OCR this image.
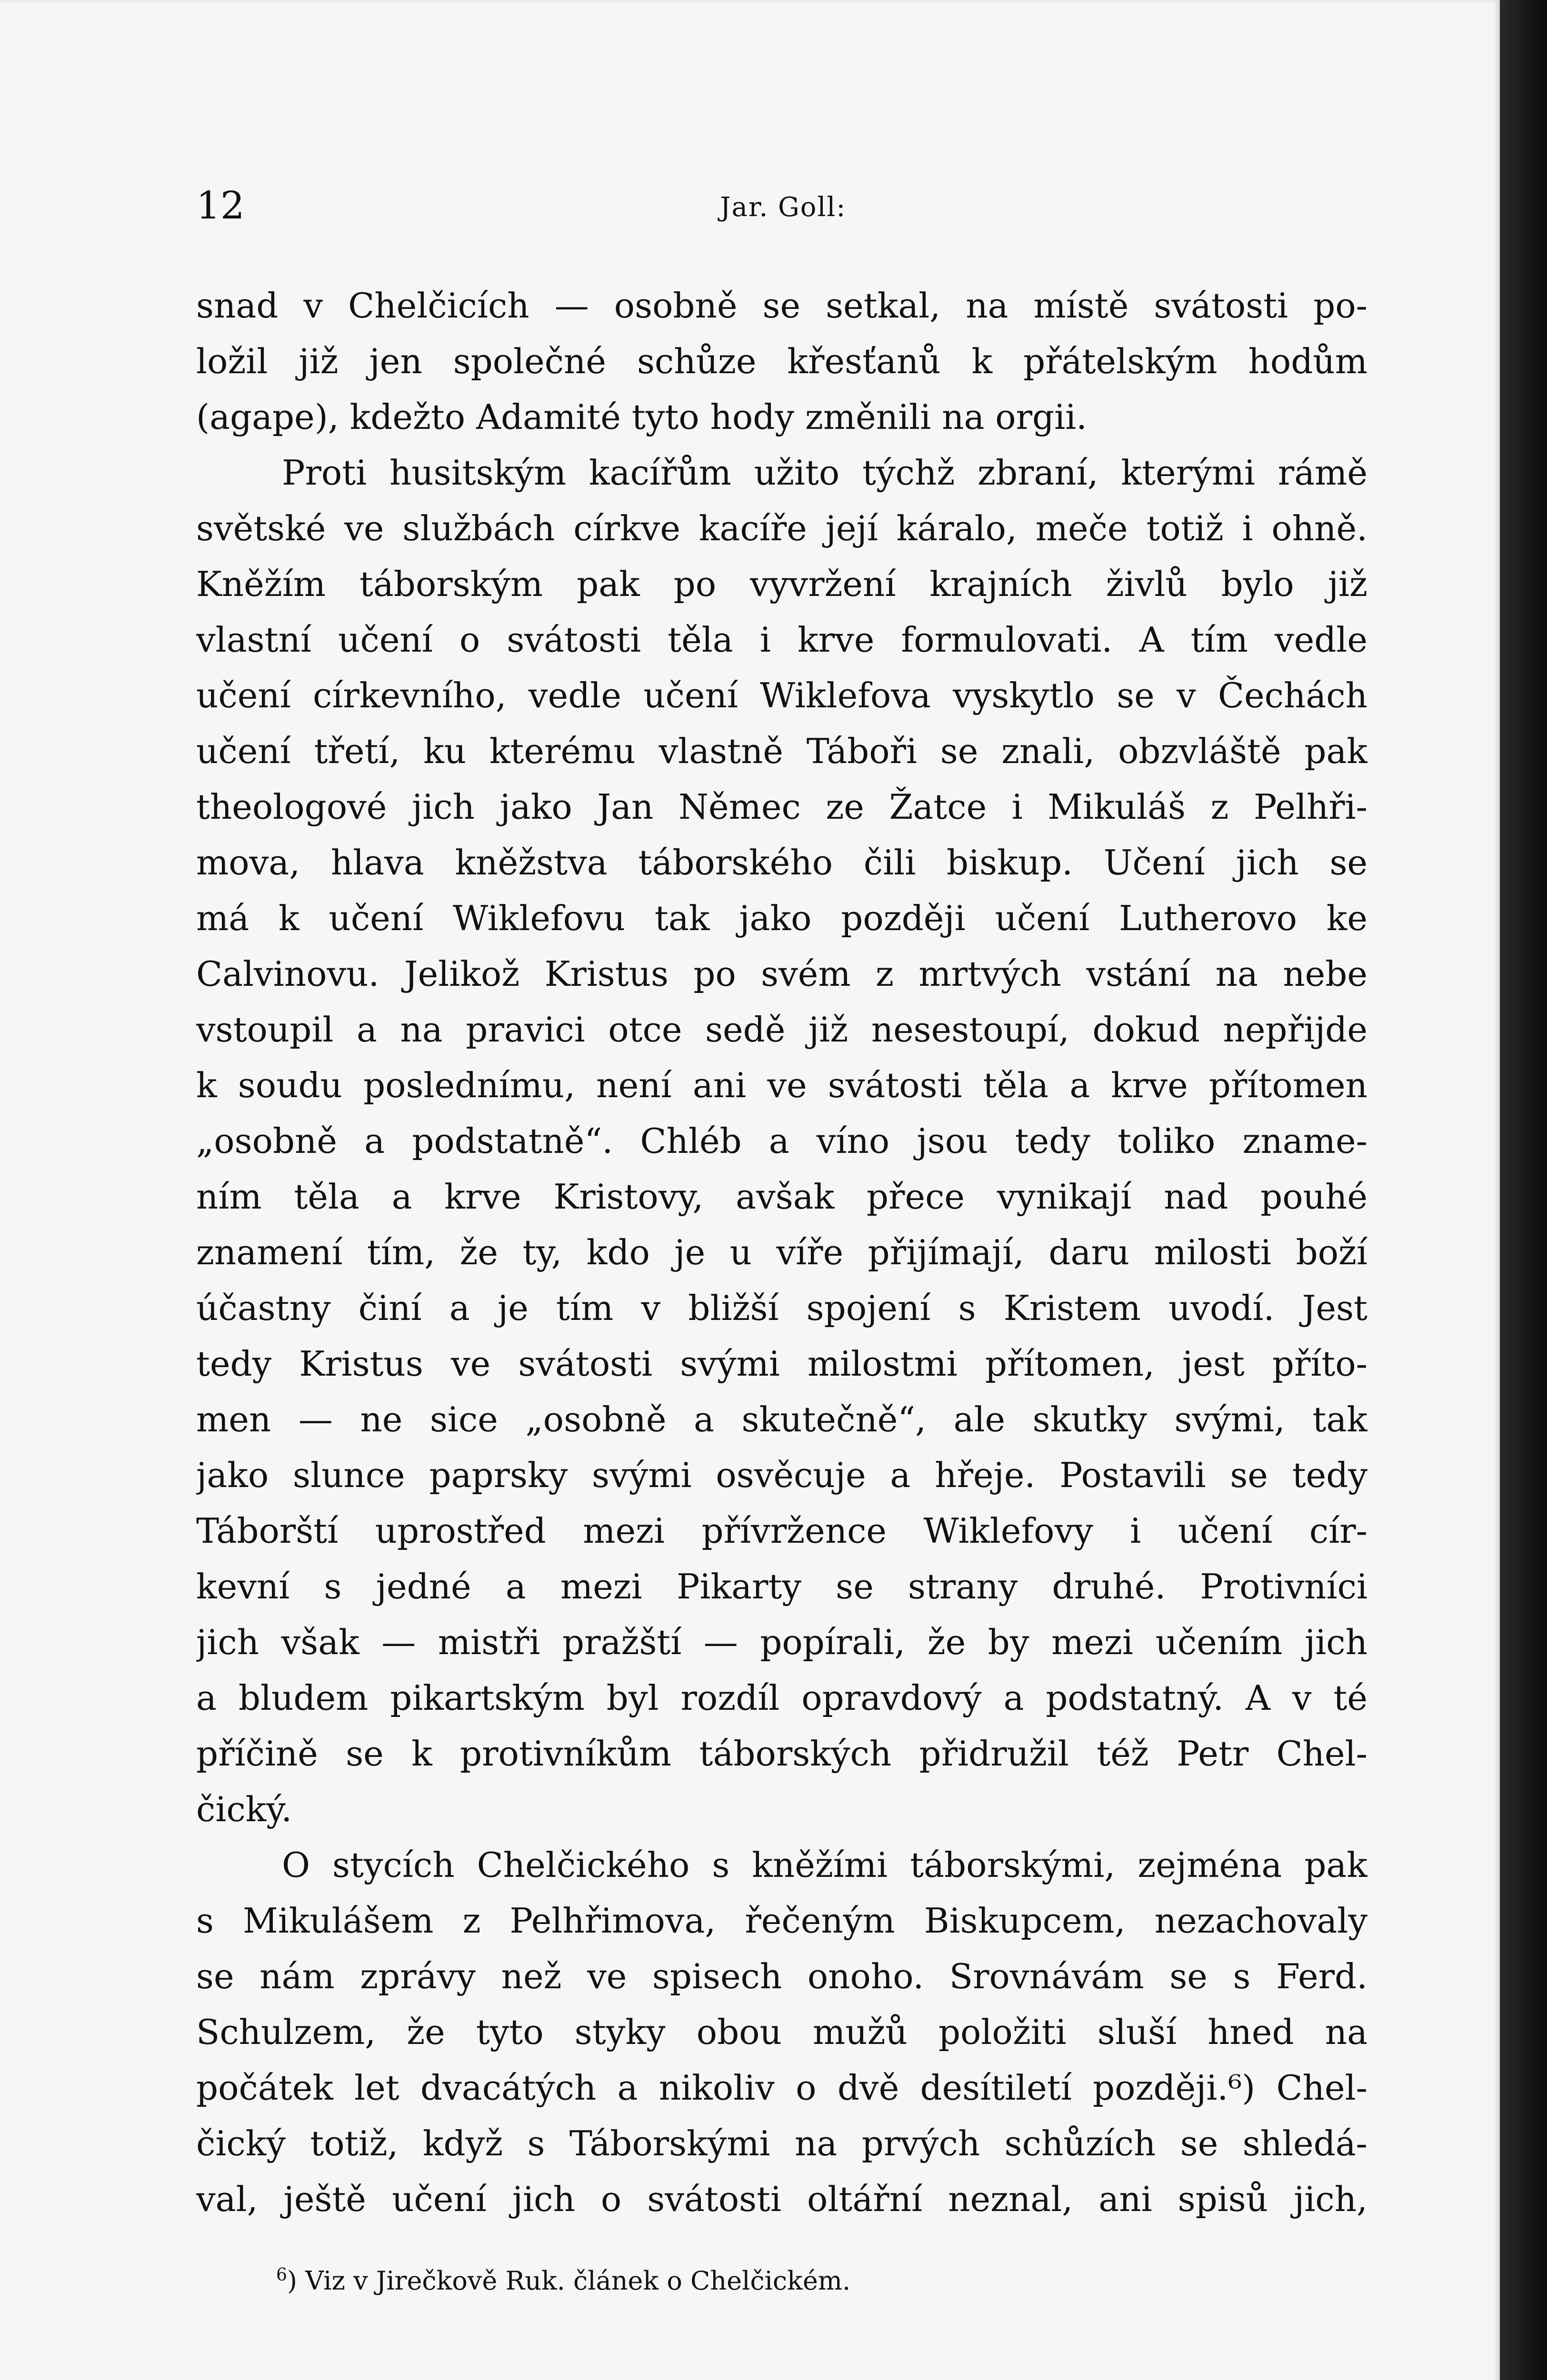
12	Jar. Goll:
snad v Chelčicích — osobně se setkal, na místě svátosti po-
ložil již jen společné schůze křesťanů k přátelským hodům
(agape), kdežto Adamité tyto hody změnili na orgii.
Proti husitským kacířům užito týchž zbraní, kterými rámě
světské ve službách církve kacíře její káralo, meče totiž i ohně.
Kněžím táborským pak po vyvržení krajních živlů bylo již
vlastní učení o svátosti těla i krve formulovati. A tím vedle
učení církevního, vedle učení Wiklefova vyskytlo se v Čechách
učení třetí, ku kterému vlastně Táboři se znali, obzvláště pak
theologové jich jako Jan Němec ze Žatce i Mikuláš z Pelhři-
mova, hlava kněžstva táborského čili biskup. Učení jich se
má k učení Wiklefovu tak jako později učení Lutherovo ke
Calvinovu. Jelikož Kristus po svém z mrtvých vstání na nebe
vstoupil a na pravici otce sedě již nesestoupí, dokud nepřijde
k soudu poslednímu, není ani ve svátosti těla a krve přítomen
„osobně a podstatně“. Chléb a víno jsou tedy toliko zname-
ním těla a krve Kristovy, avšak přece vynikají nad pouhé
znamení tím, že ty, kdo je u víře přijímají, daru milosti boží
účastny činí a je tím v bližší spojení s Kristem uvodí. Jest
tedy Kristus ve svátosti svými milostmi přítomen, jest příto-
men — ne sice „osobně a skutečně“, ale skutky svými, tak
jako slunce paprsky svými osvěcuje a hřeje. Postavili se tedy
Táborští uprostřed mezi přívržence Wiklefovy i učení cír-
kevní s jedné a mezi Pikarty se strany druhé. Protivníci
jich však — mistři pražští — popírali, že by mezi učením jich
a bludem pikartským byl rozdíl opravdový a podstatný. A v té
příčině se k protivníkům táborských přidružil též Petr Chel-
čický.
O stycích Chelčického s kněžími táborskými, zejména pak
s Mikulášem z Pelhřimova, řečeným Biskupcem, nezachovaly
se nám zprávy než ve spisech onoho. Srovnávám se s Ferd.
Schulzem, že tyto styky obou mužů položiti sluší hned na
počátek let dvacátých a nikoliv o dvě desítiletí později.⁶) Chel-
čický totiž, když s Táborskými na prvých schůzích se shledá-
val, ještě učení jich o svátosti oltářní neznal, ani spisů jich,
$^6$) Viz v Jirečkově Ruk. článek o Chelčickém.
